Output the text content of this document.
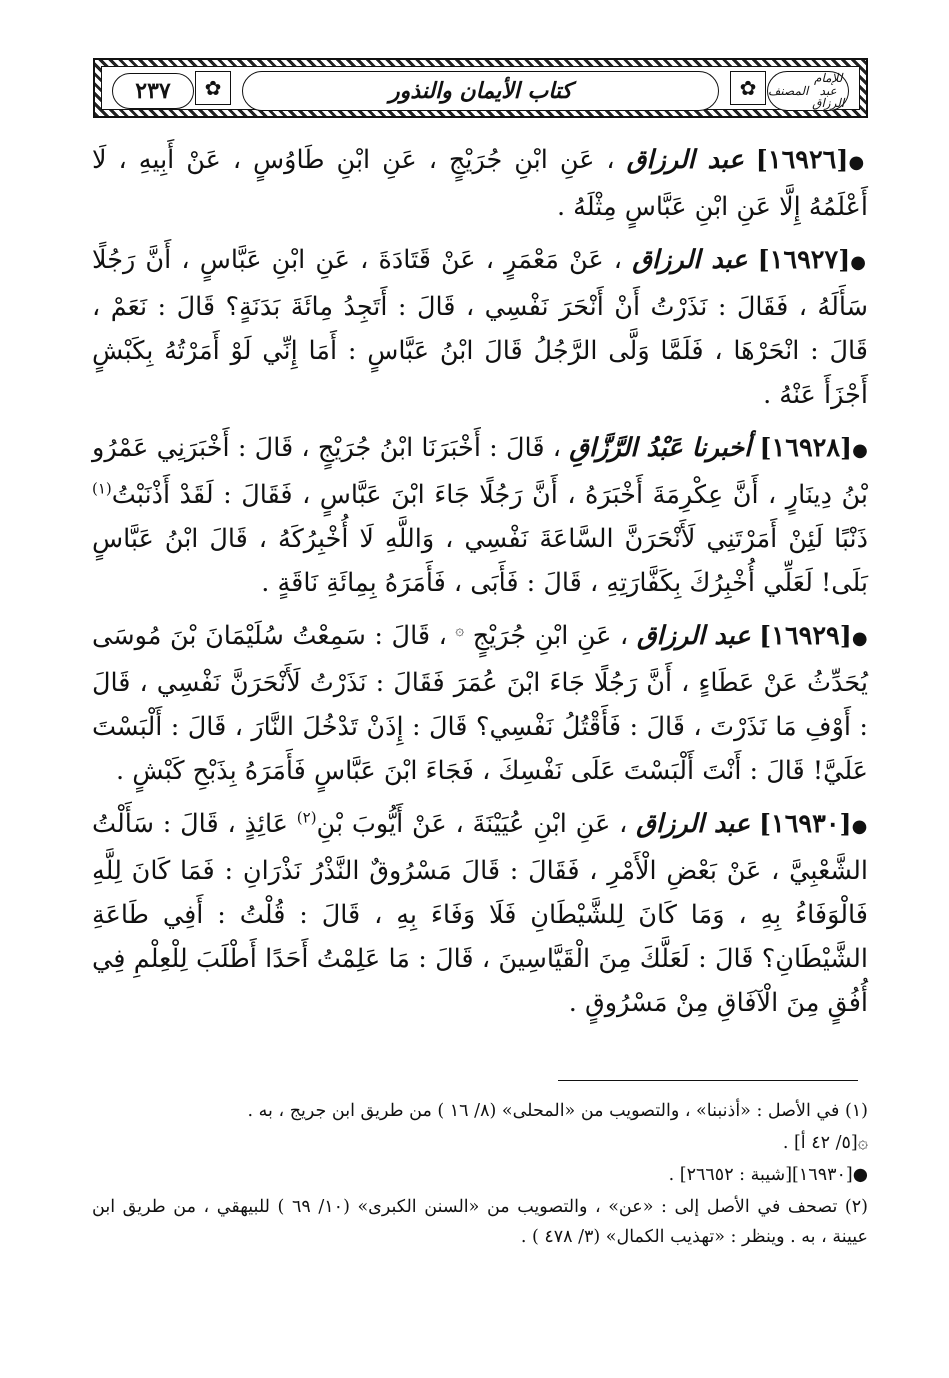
٢٣٧	✿	كتاب الأيمان والنذور	✿ المصنف

للإمام عبد الرزاق

●[١٦٩٢٦] عبد الرزاق ، عَنِ ابْنِ جُرَيْجٍ ، عَنِ ابْنِ طَاوُسٍ ، عَنْ أَبِيهِ ، لَا أَعْلَمُهُ إِلَّا عَنِ ابْنِ عَبَّاسٍ مِثْلَهُ .

●[١٦٩٢٧] عبد الرزاق ، عَنْ مَعْمَرٍ ، عَنْ قَتَادَةَ ، عَنِ ابْنِ عَبَّاسٍ ، أَنَّ رَجُلًا سَأَلَهُ ، فَقَالَ : نَذَرْتُ أَنْ أَنْحَرَ نَفْسِي ، قَالَ : أَتَجِدُ مِائَةَ بَدَنَةٍ؟ قَالَ : نَعَمْ ، قَالَ : انْحَرْهَا ، فَلَمَّا وَلَّى الرَّجُلُ قَالَ ابْنُ عَبَّاسٍ : أَمَا إِنِّي لَوْ أَمَرْتُهُ بِكَبْشٍ أَجْزَأَ عَنْهُ .

●[١٦٩٢٨] أخبرنا عَبْدُ الرَّزَّاقِ ، قَالَ : أَخْبَرَنَا ابْنُ جُرَيْجٍ ، قَالَ : أَخْبَرَنِي عَمْرُو بْنُ دِينَارٍ ، أَنَّ عِكْرِمَةَ أَخْبَرَهُ ، أَنَّ رَجُلًا جَاءَ ابْنَ عَبَّاسٍ ، فَقَالَ : لَقَدْ أَذْنَبْتُ$^{(١)}$ ذَنْبًا لَئِنْ أَمَرْتَنِي لَأَنْحَرَنَّ السَّاعَةَ نَفْسِي ، وَاللَّهِ لَا أُخْبِرُكَهُ ، قَالَ ابْنُ عَبَّاسٍ بَلَى! لَعَلِّي أُخْبِرُكَ بِكَفَّارَتِهِ ، قَالَ : فَأَبَى ، فَأَمَرَهُ بِمِائَةِ نَاقَةٍ .

●[١٦٩٢٩] عبد الرزاق ، عَنِ ابْنِ جُرَيْجٍ ۞ ، قَالَ : سَمِعْتُ سُلَيْمَانَ بْنَ مُوسَى يُحَدِّثُ عَنْ عَطَاءٍ ، أَنَّ رَجُلًا جَاءَ ابْنَ عُمَرَ فَقَالَ : نَذَرْتُ لَأَنْحَرَنَّ نَفْسِي ، قَالَ : أَوْفِ مَا نَذَرْتَ ، قَالَ : فَأَقْتُلُ نَفْسِي؟ قَالَ : إِذَنْ تَدْخُلَ النَّارَ ، قَالَ : أَلْبَسْتَ عَلَيَّ! قَالَ : أَنْتَ أَلْبَسْتَ عَلَى نَفْسِكَ ، فَجَاءَ ابْنَ عَبَّاسٍ فَأَمَرَهُ بِذَبْحِ كَبْشٍ .

●[١٦٩٣٠] عبد الرزاق ، عَنِ ابْنِ عُيَيْنَةَ ، عَنْ أَيُّوبَ بْنِ$^{(٢)}$ عَائِذٍ ، قَالَ : سَأَلْتُ الشَّعْبِيَّ ، عَنْ بَعْضِ الْأَمْرِ ، فَقَالَ : قَالَ مَسْرُوقٌ النَّذْرُ نَذْرَانِ : فَمَا كَانَ لِلَّهِ فَالْوَفَاءُ بِهِ ، وَمَا كَانَ لِلشَّيْطَانِ فَلَا وَفَاءَ بِهِ ، قَالَ : قُلْتُ : أَفِي طَاعَةِ الشَّيْطَانِ؟ قَالَ : لَعَلَّكَ مِنَ الْقَيَّاسِينَ ، قَالَ : مَا عَلِمْتُ أَحَدًا أَطْلَبَ لِلْعِلْمِ فِي أُفُقٍ مِنَ الْآفَاقِ مِنْ مَسْرُوقٍ .

(١) في الأصل : «أذنبنا» ، والتصويب من «المحلى» (٨/ ١٦ ) من طريق ابن جريج ، به .

۞[٥/ ٤٢ أ] .

●[١٦٩٣٠][شيبة : ٢٦٦٥٢] .

(٢) تصحف في الأصل إلى : «عن» ، والتصويب من «السنن الكبرى» (١٠/ ٦٩ ) للبيهقي ، من طريق ابن عيينة ، به . وينظر : «تهذيب الكمال» (٣/ ٤٧٨ ) .
